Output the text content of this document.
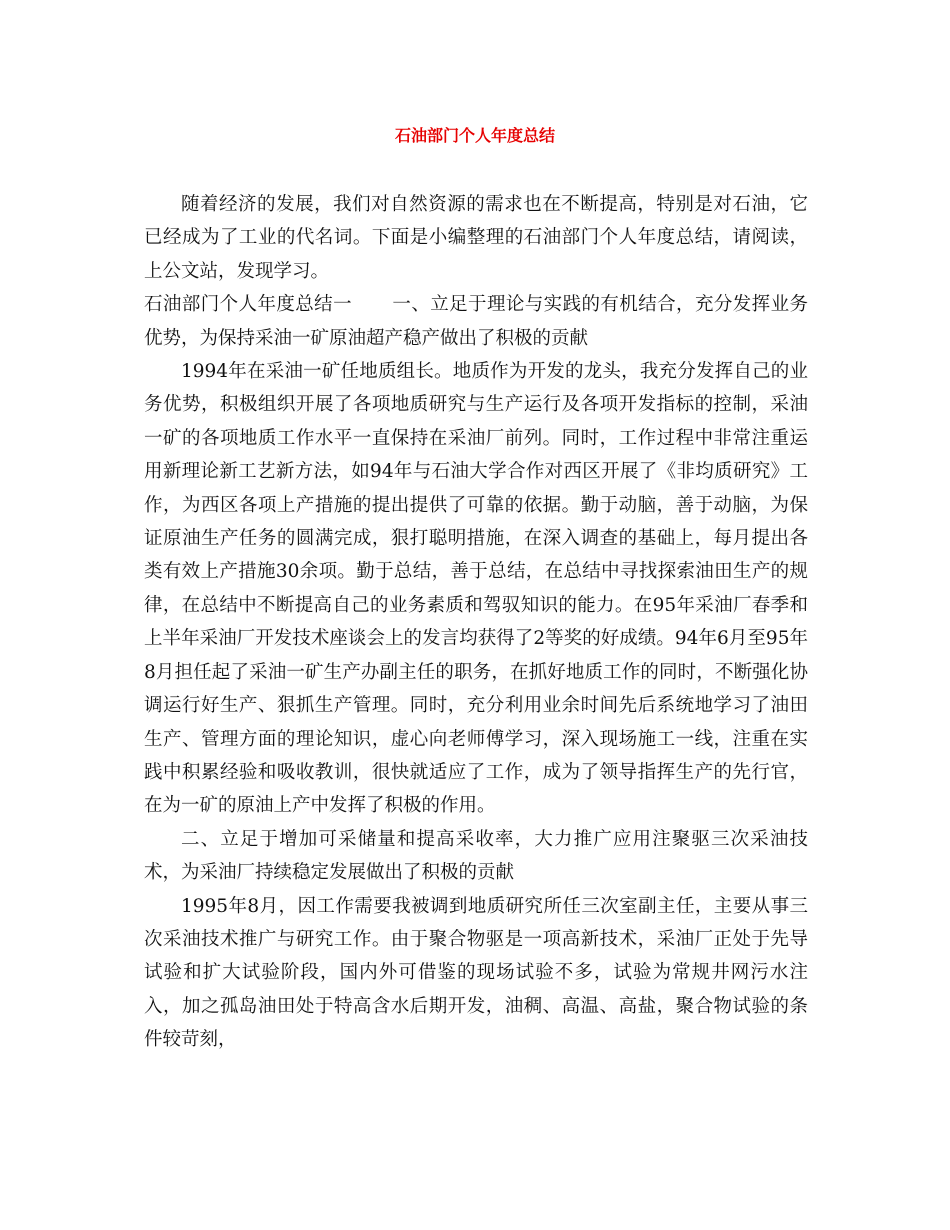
石油部门个人年度总结

随着经济的发展，我们对自然资源的需求也在不断提高，特别是对石油，它已经成为了工业的代名词。下面是小编整理的石油部门个人年度总结，请阅读，上公文站，发现学习。

石油部门个人年度总结一 一、立足于理论与实践的有机结合，充分发挥业务优势，为保持采油一矿原油超产稳产做出了积极的贡献

1994年在采油一矿任地质组长。地质作为开发的龙头，我充分发挥自己的业务优势，积极组织开展了各项地质研究与生产运行及各项开发指标的控制，采油一矿的各项地质工作水平一直保持在采油厂前列。同时，工作过程中非常注重运用新理论新工艺新方法，如94年与石油大学合作对西区开展了《非均质研究》工作，为西区各项上产措施的提出提供了可靠的依据。勤于动脑，善于动脑，为保证原油生产任务的圆满完成，狠打聪明措施，在深入调查的基础上，每月提出各类有效上产措施30余项。勤于总结，善于总结，在总结中寻找探索油田生产的规律，在总结中不断提高自己的业务素质和驾驭知识的能力。在95年采油厂春季和上半年采油厂开发技术座谈会上的发言均获得了2等奖的好成绩。94年6月至95年8月担任起了采油一矿生产办副主任的职务，在抓好地质工作的同时，不断强化协调运行好生产、狠抓生产管理。同时，充分利用业余时间先后系统地学习了油田生产、管理方面的理论知识，虚心向老师傅学习，深入现场施工一线，注重在实践中积累经验和吸收教训，很快就适应了工作，成为了领导指挥生产的先行官，在为一矿的原油上产中发挥了积极的作用。

二、立足于增加可采储量和提高采收率，大力推广应用注聚驱三次采油技术，为采油厂持续稳定发展做出了积极的贡献

1995年8月，因工作需要我被调到地质研究所任三次室副主任，主要从事三次采油技术推广与研究工作。由于聚合物驱是一项高新技术，采油厂正处于先导试验和扩大试验阶段，国内外可借鉴的现场试验不多，试验为常规井网污水注入，加之孤岛油田处于特高含水后期开发，油稠、高温、高盐，聚合物试验的条件较苛刻，
